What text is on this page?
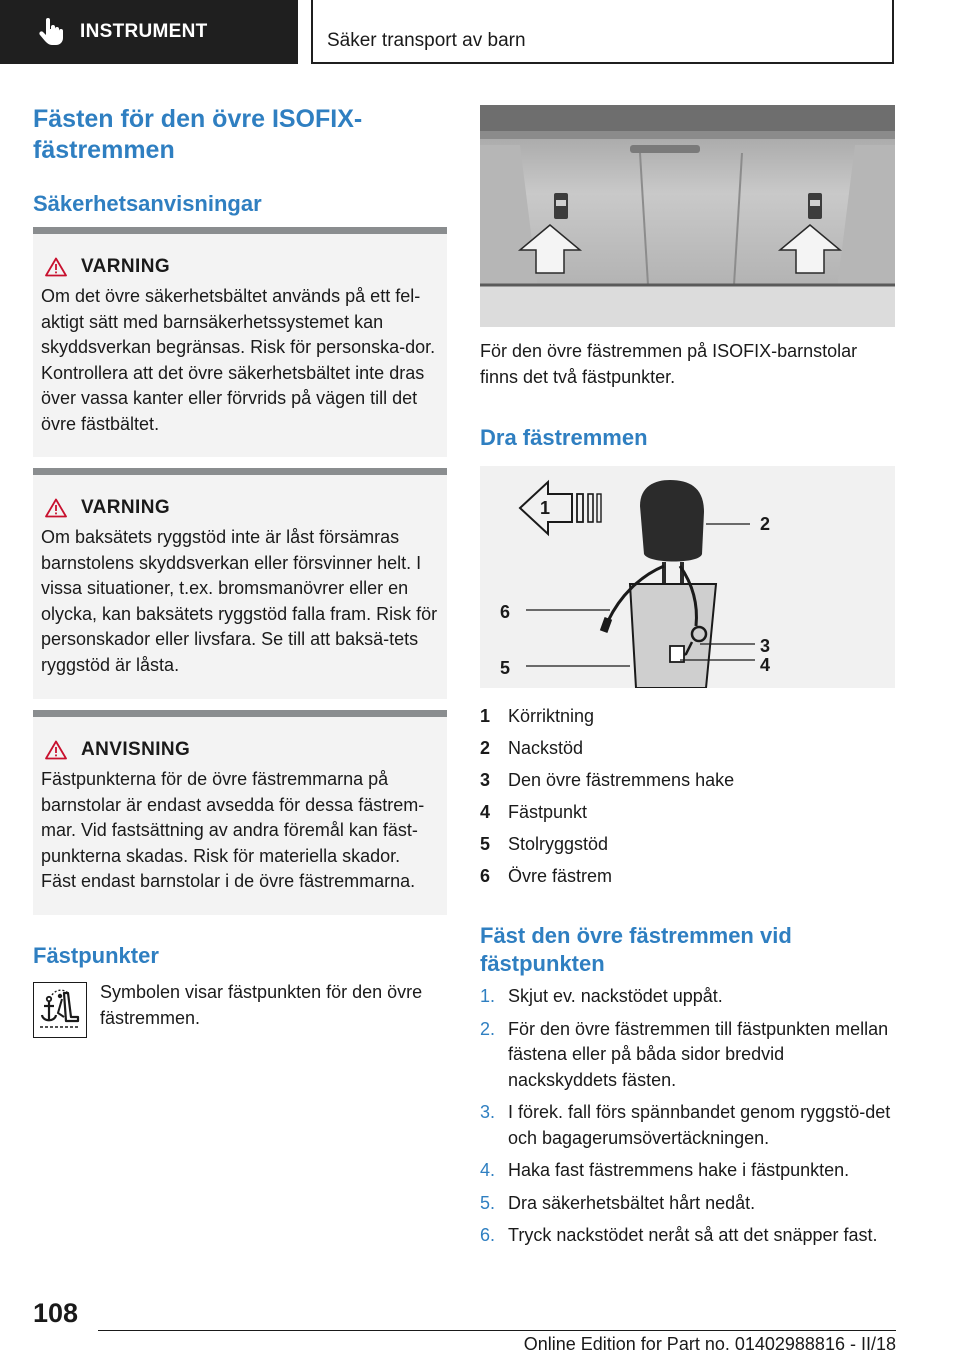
INSTRUMENT	Säker transport av barn
Fästen för den övre ISOFIX-fästremmen
Säkerhetsanvisningar
VARNING
Om det övre säkerhetsbältet används på ett fel-aktigt sätt med barnsäkerhetssystemet kan skyddsverkan begränsas. Risk för personska-dor. Kontrollera att det övre säkerhetsbältet inte dras över vassa kanter eller förvrids på vägen till det övre fästbältet.
VARNING
Om baksätets ryggstöd inte är låst försämras barnstolens skyddsverkan eller försvinner helt. I vissa situationer, t.ex. bromsmanövrer eller en olycka, kan baksätets ryggstöd falla fram. Risk för personskador eller livsfara. Se till att baksä-tets ryggstöd är låsta.
ANVISNING
Fästpunkterna för de övre fästremmarna på barnstolar är endast avsedda för dessa fästrem-mar. Vid fastsättning av andra föremål kan fäst-punkterna skadas. Risk för materiella skador. Fäst endast barnstolar i de övre fästremmarna.
Fästpunkter
Symbolen visar fästpunkten för den övre fästremmen.
För den övre fästremmen på ISOFIX-barnstolar finns det två fästpunkter.
Dra fästremmen
1
2
6
3
4
5
1 Körriktning
2 Nackstöd
3 Den övre fästremmens hake
4 Fästpunkt
5 Stolryggstöd
6 Övre fästrem
Fäst den övre fästremmen vid fästpunkten
1. Skjut ev. nackstödet uppåt.
2. För den övre fästremmen till fästpunkten mellan fästena eller på båda sidor bredvid nackskyddets fästen.
3. I förek. fall förs spännbandet genom ryggstö-det och bagagerumsövertäckningen.
4. Haka fast fästremmens hake i fästpunkten.
5. Dra säkerhetsbältet hårt nedåt.
6. Tryck nackstödet neråt så att det snäpper fast.
108
Online Edition for Part no. 01402988816 - II/18
